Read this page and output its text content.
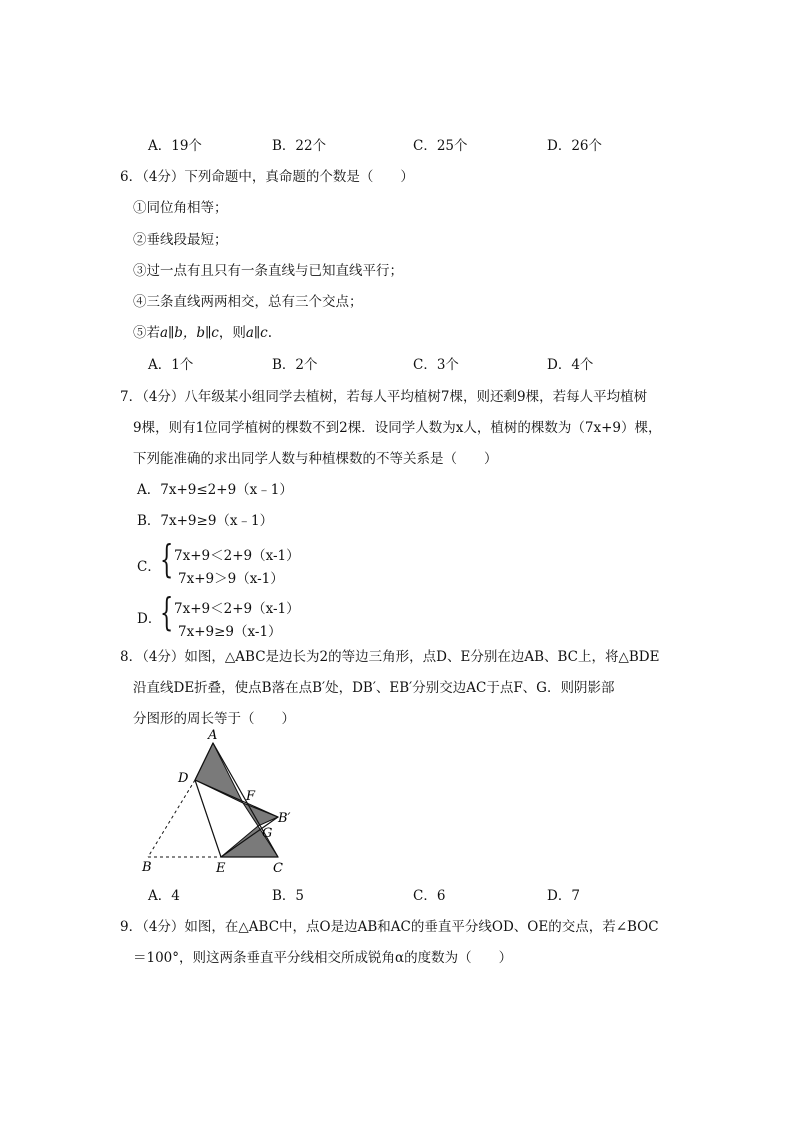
A．19个	B．22个	C．25个	D．26个
6．（4分）下列命题中，真命题的个数是（　　）
①同位角相等；
②垂线段最短；
③过一点有且只有一条直线与已知直线平行；
④三条直线两两相交，总有三个交点；
⑤若a∥b，b∥c，则a∥c.
A．1个	B．2个	C．3个	D．4个
7．（4分）八年级某小组同学去植树，若每人平均植树7棵，则还剩9棵，若每人平均植树
9棵，则有1位同学植树的棵数不到2棵．设同学人数为x人，植树的棵数为（7x+9）棵，
下列能准确的求出同学人数与种植棵数的不等关系是（　　）
A．7x+9≤2+9（x﹣1）
B．7x+9≥9（x﹣1）
C． { 7x+9＜2+9（x-1）
7x+9＞9（x-1）
D．
{ 7x+9＜2+9（x-1）
7x+9≥9（x-1）
8．（4分）如图，△ABC是边长为2的等边三角形，点D、E分别在边AB、BC上，将△BDE
沿直线DE折叠，使点B落在点B′处，DB′、EB′分别交边AC于点F、G．则阴影部
分图形的周长等于（　　）
A
D
F
B′
G
B	E	C
A．4	B．5	C．6	D．7
9．（4分）如图，在△ABC中，点O是边AB和AC的垂直平分线OD、OE的交点，若∠BOC
＝100°，则这两条垂直平分线相交所成锐角α的度数为（　　）
